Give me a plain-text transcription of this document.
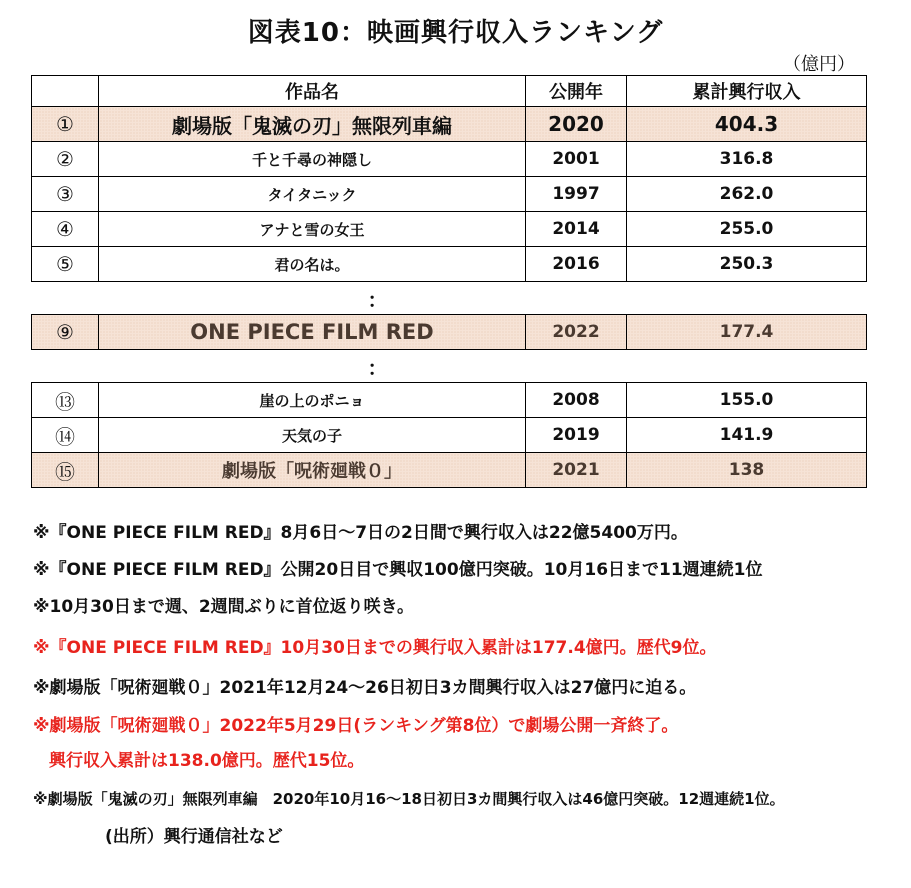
図表10：映画興行収入ランキング
（億円）
	作品名	公開年	累計興行収入
①	劇場版「鬼滅の刃」無限列車編	2020	404.3
②	千と千尋の神隠し	2001	316.8
③	タイタニック	1997	262.0
④	アナと雪の女王	2014	255.0
⑤	君の名は。	2016	250.3
	：		
⑨	ONE PIECE FILM RED	2022	177.4
	：		
⑬	崖の上のポニョ	2008	155.0
⑭	天気の子	2019	141.9
⑮	劇場版「呪術廻戦０」	2021	138
※『ONE PIECE FILM RED』8月6日～7日の2日間で興行収入は22億5400万円。
※『ONE PIECE FILM RED』公開20日目で興収100億円突破。10月16日まで11週連続1位
※10月30日まで週、2週間ぶりに首位返り咲き。
※『ONE PIECE FILM RED』10月30日までの興行収入累計は177.4億円。歴代9位。
※劇場版「呪術廻戦０」2021年12月24～26日初日3カ間興行収入は27億円に迫る。
※劇場版「呪術廻戦０」2022年5月29日(ランキング第8位）で劇場公開一斉終了。
興行収入累計は138.0億円。歴代15位。
※劇場版「鬼滅の刃」無限列車編　2020年10月16～18日初日3カ間興行収入は46億円突破。12週連続1位。
(出所）興行通信社など
